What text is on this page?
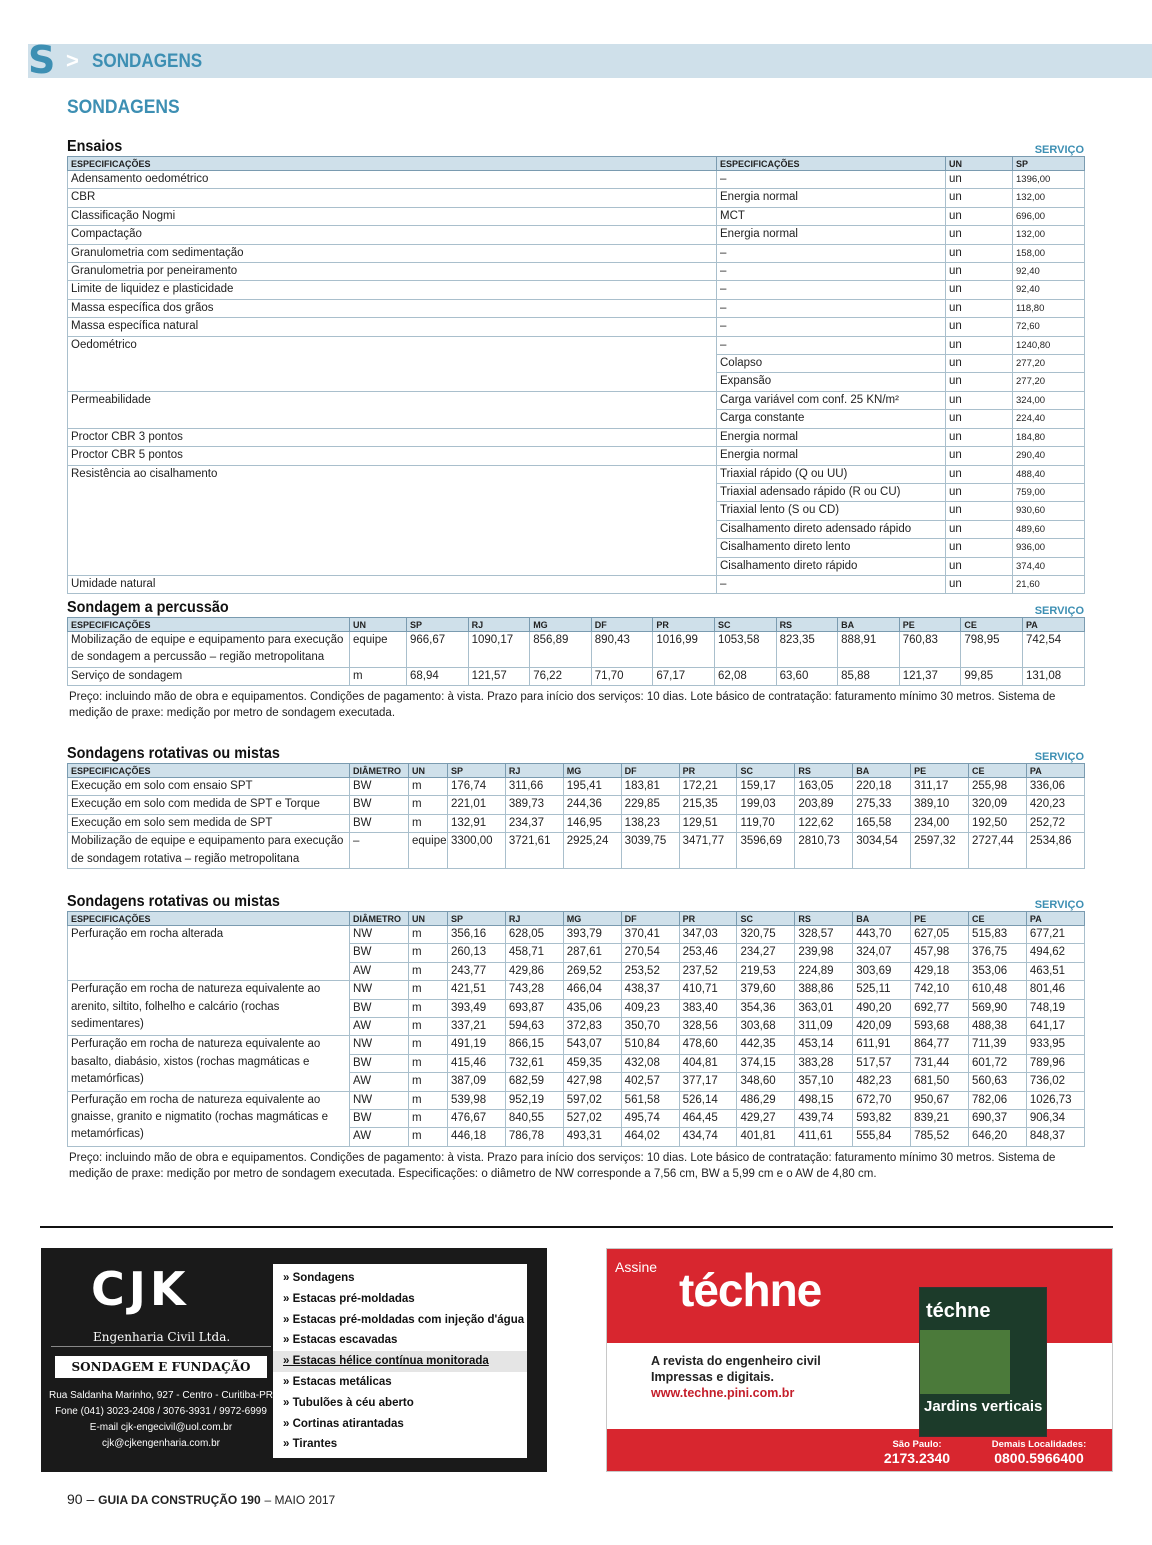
S > SONDAGENS
SONDAGENS
Ensaios	SERVIÇO
ESPECIFICAÇÕES	ESPECIFICAÇÕES	UN	SP
Adensamento oedométrico	–	un	1396,00
CBR	Energia normal	un	132,00
Classificação Nogmi	MCT	un	696,00
Compactação	Energia normal	un	132,00
Granulometria com sedimentação	–	un	158,00
Granulometria por peneiramento	–	un	92,40
Limite de liquidez e plasticidade	–	un	92,40
Massa específica dos grãos	–	un	118,80
Massa específica natural	–	un	72,60
Oedométrico	–	un	1240,80
	Colapso	un	277,20
	Expansão	un	277,20
Permeabilidade	Carga variável com conf. 25 KN/m²	un	324,00
	Carga constante	un	224,40
Proctor CBR 3 pontos	Energia normal	un	184,80
Proctor CBR 5 pontos	Energia normal	un	290,40
Resistência ao cisalhamento	Triaxial rápido (Q ou UU)	un	488,40
	Triaxial adensado rápido (R ou CU)	un	759,00
	Triaxial lento (S ou CD)	un	930,60
	Cisalhamento direto adensado rápido	un	489,60
	Cisalhamento direto lento	un	936,00
	Cisalhamento direto rápido	un	374,40
Umidade natural	–	un	21,60
Sondagem a percussão	SERVIÇO
ESPECIFICAÇÕES	UN	SP	RJ	MG	DF	PR	SC	RS	BA	PE	CE	PA
Mobilização de equipe e equipamento para execução de sondagem a percussão – região metropolitana	equipe	966,67	1090,17	856,89	890,43	1016,99	1053,58	823,35	888,91	760,83	798,95	742,54
Serviço de sondagem	m	68,94	121,57	76,22	71,70	67,17	62,08	63,60	85,88	121,37	99,85	131,08
Preço: incluindo mão de obra e equipamentos. Condições de pagamento: à vista. Prazo para início dos serviços: 10 dias. Lote básico de contratação: faturamento mínimo 30 metros. Sistema de medição de praxe: medição por metro de sondagem executada.
Sondagens rotativas ou mistas	SERVIÇO
ESPECIFICAÇÕES	DIÂMETRO	UN	SP	RJ	MG	DF	PR	SC	RS	BA	PE	CE	PA
Execução em solo com ensaio SPT	BW	m	176,74	311,66	195,41	183,81	172,21	159,17	163,05	220,18	311,17	255,98	336,06
Execução em solo com medida de SPT e Torque	BW	m	221,01	389,73	244,36	229,85	215,35	199,03	203,89	275,33	389,10	320,09	420,23
Execução em solo sem medida de SPT	BW	m	132,91	234,37	146,95	138,23	129,51	119,70	122,62	165,58	234,00	192,50	252,72
Mobilização de equipe e equipamento para execução de sondagem rotativa – região metropolitana	–	equipe	3300,00	3721,61	2925,24	3039,75	3471,77	3596,69	2810,73	3034,54	2597,32	2727,44	2534,86
Sondagens rotativas ou mistas	SERVIÇO
ESPECIFICAÇÕES	DIÂMETRO	UN	SP	RJ	MG	DF	PR	SC	RS	BA	PE	CE	PA
Perfuração em rocha alterada	NW	m	356,16	628,05	393,79	370,41	347,03	320,75	328,57	443,70	627,05	515,83	677,21
	BW	m	260,13	458,71	287,61	270,54	253,46	234,27	239,98	324,07	457,98	376,75	494,62
	AW	m	243,77	429,86	269,52	253,52	237,52	219,53	224,89	303,69	429,18	353,06	463,51
Perfuração em rocha de natureza equivalente ao arenito, siltito, folhelho e calcário (rochas sedimentares)	NW	m	421,51	743,28	466,04	438,37	410,71	379,60	388,86	525,11	742,10	610,48	801,46
	BW	m	393,49	693,87	435,06	409,23	383,40	354,36	363,01	490,20	692,77	569,90	748,19
	AW	m	337,21	594,63	372,83	350,70	328,56	303,68	311,09	420,09	593,68	488,38	641,17
Perfuração em rocha de natureza equivalente ao basalto, diabásio, xistos (rochas magmáticas e metamórficas)	NW	m	491,19	866,15	543,07	510,84	478,60	442,35	453,14	611,91	864,77	711,39	933,95
	BW	m	415,46	732,61	459,35	432,08	404,81	374,15	383,28	517,57	731,44	601,72	789,96
	AW	m	387,09	682,59	427,98	402,57	377,17	348,60	357,10	482,23	681,50	560,63	736,02
Perfuração em rocha de natureza equivalente ao gnaisse, granito e nigmatito (rochas magmáticas e metamórficas)	NW	m	539,98	952,19	597,02	561,58	526,14	486,29	498,15	672,70	950,67	782,06	1026,73
	BW	m	476,67	840,55	527,02	495,74	464,45	429,27	439,74	593,82	839,21	690,37	906,34
	AW	m	446,18	786,78	493,31	464,02	434,74	401,81	411,61	555,84	785,52	646,20	848,37
Preço: incluindo mão de obra e equipamentos. Condições de pagamento: à vista. Prazo para início dos serviços: 10 dias. Lote básico de contratação: faturamento mínimo 30 metros. Sistema de medição de praxe: medição por metro de sondagem executada. Especificações: o diâmetro de NW corresponde a 7,56 cm, BW a 5,99 cm e o AW de 4,80 cm.
CJK
Engenharia Civil Ltda.
SONDAGEM E FUNDAÇÃO
Rua Saldanha Marinho, 927 - Centro - Curitiba-PR
Fone (041) 3023-2408 / 3076-3931 / 9972-6999
E-mail cjk-engecivil@uol.com.br
cjk@cjkengenharia.com.br
» Sondagens
» Estacas pré-moldadas
» Estacas pré-moldadas com injeção d'água
» Estacas escavadas
» Estacas hélice contínua monitorada
» Estacas metálicas
» Tubulões à céu aberto
» Cortinas atirantadas
» Tirantes
Assine téchne
A revista do engenheiro civil
Impressas e digitais.
www.techne.pini.com.br
téchne
Jardins verticais
São Paulo:
2173.2340
Demais Localidades:
0800.5966400
90 – GUIA DA CONSTRUÇÃO 190 – MAIO 2017
